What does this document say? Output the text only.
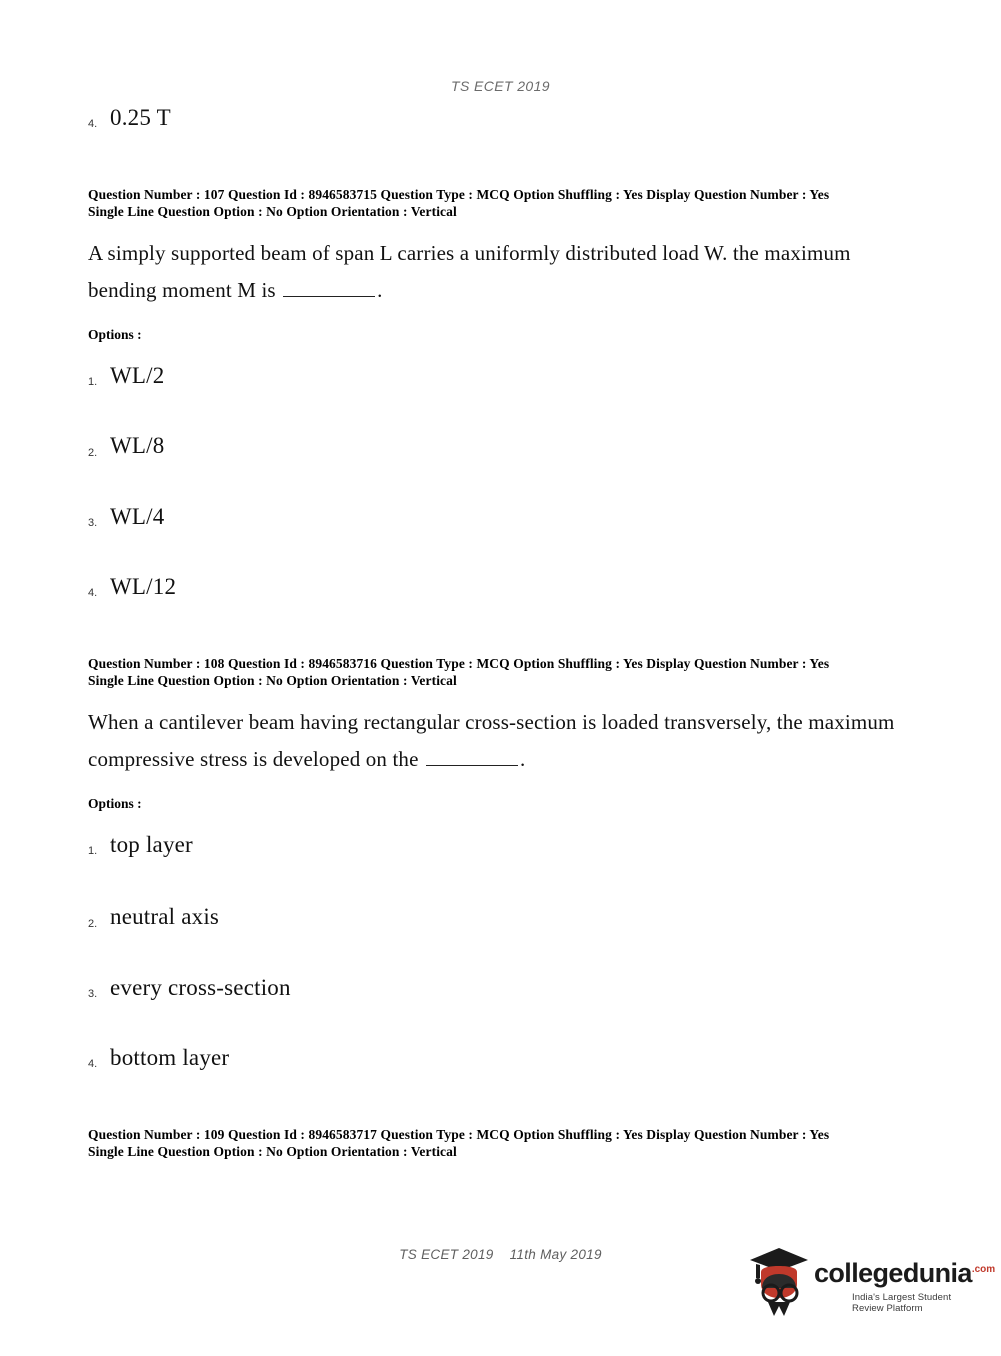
TS ECET 2019
4. 0.25 T
Question Number : 107 Question Id : 8946583715 Question Type : MCQ Option Shuffling : Yes Display Question Number : Yes
Single Line Question Option : No Option Orientation : Vertical
A simply supported beam of span L carries a uniformly distributed load W. the maximum
bending moment M is	.
Options :
1. WL/2
2. WL/8
3. WL/4
4. WL/12
Question Number : 108 Question Id : 8946583716 Question Type : MCQ Option Shuffling : Yes Display Question Number : Yes
Single Line Question Option : No Option Orientation : Vertical
When a cantilever beam having rectangular cross-section is loaded transversely, the maximum
compressive stress is developed on the	.
Options :
1. top layer
2. neutral axis
3. every cross-section
4. bottom layer
Question Number : 109 Question Id : 8946583717 Question Type : MCQ Option Shuffling : Yes Display Question Number : Yes
Single Line Question Option : No Option Orientation : Vertical
TS ECET 2019 11th May 2019
collegedunia$^{.com}$
India's Largest Student Review Platform
